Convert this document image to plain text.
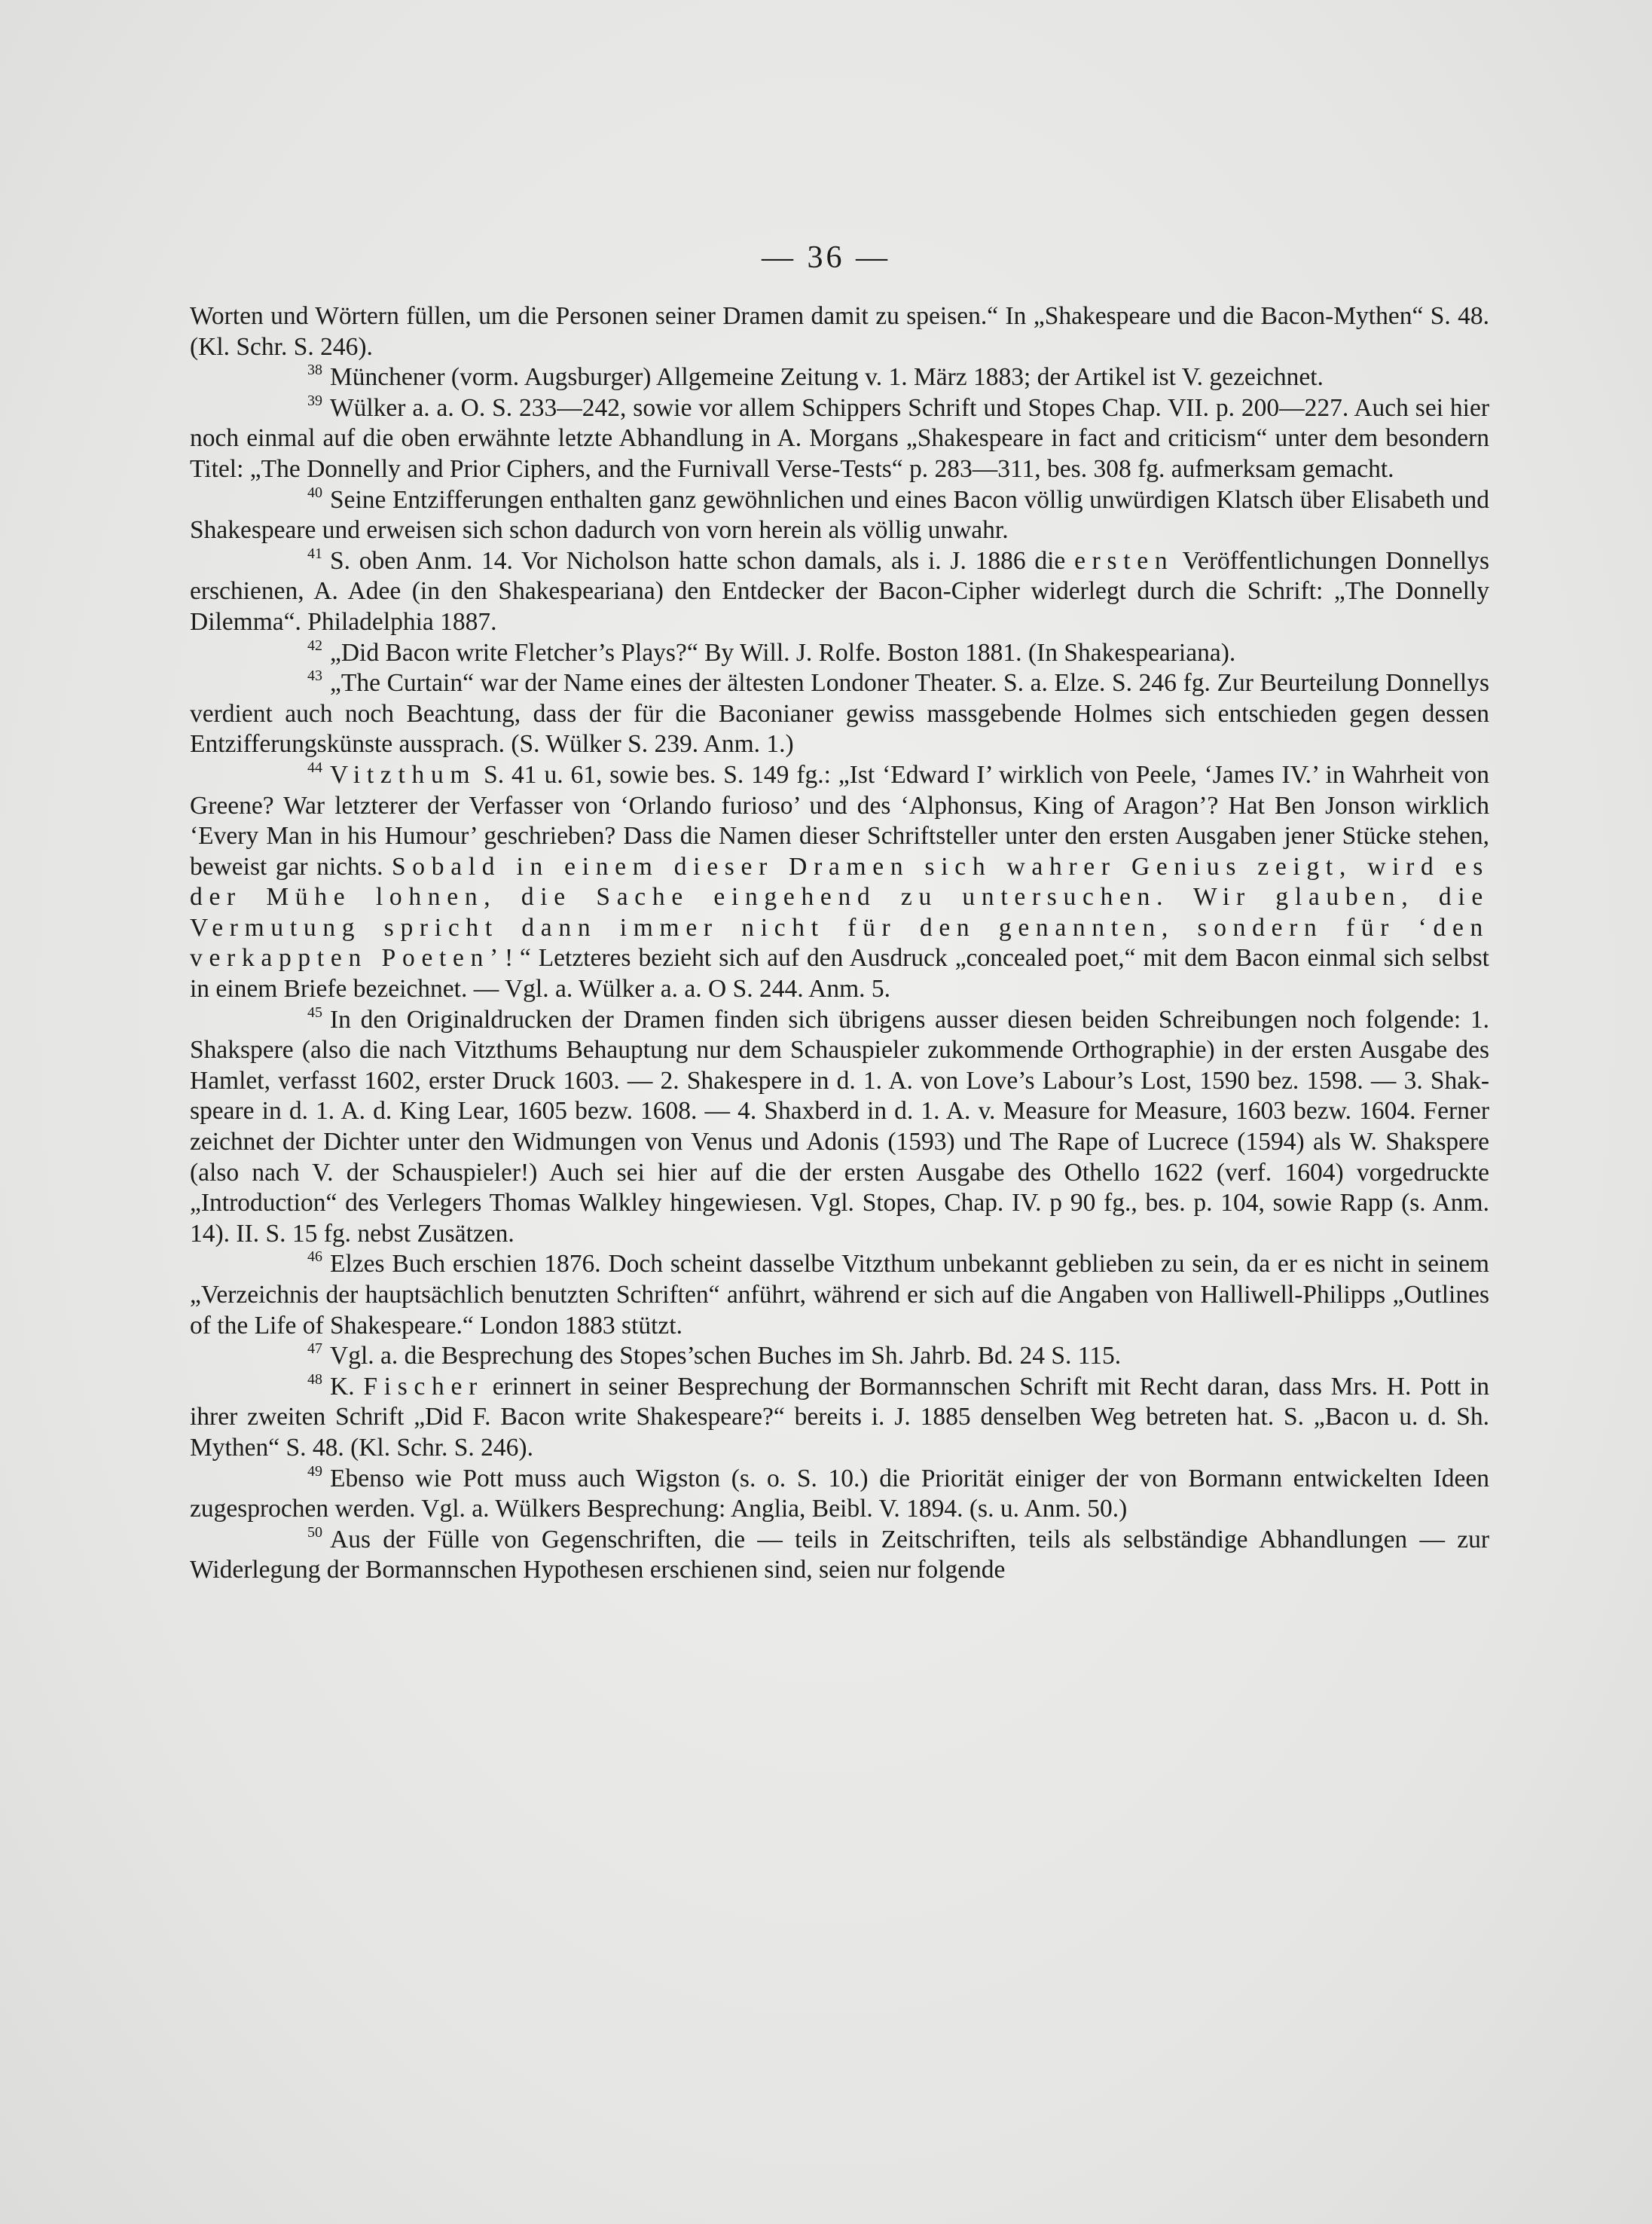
— 36 —

Worten und Wörtern füllen, um die Personen seiner Dramen damit zu speisen.“ In „Shakespeare und die Bacon-Mythen“ S. 48. (Kl. Schr. S. 246).

$^{38}$ Münchener (vorm. Augsburger) Allgemeine Zeitung v. 1. März 1883; der Artikel ist V. gezeichnet.

$^{39}$ Wülker a. a. O. S. 233—242, sowie vor allem Schippers Schrift und Stopes Chap. VII. p. 200—227. Auch sei hier noch einmal auf die oben erwähnte letzte Abhandlung in A. Morgans „Shakespeare in fact and criticism“ unter dem besondern Titel: „The Donnelly and Prior Ciphers, and the Furnivall Verse-Tests“ p. 283—311, bes. 308 fg. aufmerksam gemacht.

$^{40}$ Seine Entzifferungen enthalten ganz gewöhnlichen und eines Bacon völlig unwürdigen Klatsch über Elisabeth und Shakespeare und erweisen sich schon dadurch von vorn herein als völlig unwahr.

$^{41}$ S. oben Anm. 14. Vor Nicholson hatte schon damals, als i. J. 1886 die ersten Veröffentlichungen Donnellys erschienen, A. Adee (in den Shakespeariana) den Entdecker der Bacon-Cipher widerlegt durch die Schrift: „The Donnelly Dilemma“. Philadelphia 1887.

$^{42}$ „Did Bacon write Fletcher’s Plays?“ By Will. J. Rolfe. Boston 1881. (In Shakespeariana).

$^{43}$ „The Curtain“ war der Name eines der ältesten Londoner Theater. S. a. Elze. S. 246 fg. Zur Beurteilung Donnellys verdient auch noch Beachtung, dass der für die Baconianer gewiss massgebende Holmes sich entschieden gegen dessen Entzifferungskünste aussprach. (S. Wülker S. 239. Anm. 1.)

$^{44}$ Vitzthum S. 41 u. 61, sowie bes. S. 149 fg.: „Ist ‘Edward I’ wirklich von Peele, ‘James IV.’ in Wahrheit von Greene? War letzterer der Verfasser von ‘Orlando furioso’ und des ‘Alphonsus, King of Aragon’? Hat Ben Jonson wirklich ‘Every Man in his Humour’ geschrieben? Dass die Namen dieser Schriftsteller unter den ersten Ausgaben jener Stücke stehen, beweist gar nichts. Sobald in einem dieser Dramen sich wahrer Genius zeigt, wird es der Mühe lohnen, die Sache eingehend zu untersuchen. Wir glauben, die Vermutung spricht dann immer nicht für den genannten, sondern für ‘den verkappten Poeten’!“ Letzteres bezieht sich auf den Ausdruck „concealed poet,“ mit dem Bacon einmal sich selbst in einem Briefe bezeichnet. — Vgl. a. Wülker a. a. O S. 244. Anm. 5.

$^{45}$ In den Originaldrucken der Dramen finden sich übrigens ausser diesen beiden Schreibungen noch folgende: 1. Shakspere (also die nach Vitzthums Behauptung nur dem Schauspieler zukommende Orthographie) in der ersten Ausgabe des Hamlet, verfasst 1602, erster Druck 1603. — 2. Shakespere in d. 1. A. von Love’s Labour’s Lost, 1590 bez. 1598. — 3. Shak-speare in d. 1. A. d. King Lear, 1605 bezw. 1608. — 4. Shaxberd in d. 1. A. v. Measure for Measure, 1603 bezw. 1604. Ferner zeichnet der Dichter unter den Widmungen von Venus und Adonis (1593) und The Rape of Lucrece (1594) als W. Shakspere (also nach V. der Schauspieler!) Auch sei hier auf die der ersten Ausgabe des Othello 1622 (verf. 1604) vorgedruckte „Introduction“ des Verlegers Thomas Walkley hingewiesen. Vgl. Stopes, Chap. IV. p 90 fg., bes. p. 104, sowie Rapp (s. Anm. 14). II. S. 15 fg. nebst Zusätzen.

$^{46}$ Elzes Buch erschien 1876. Doch scheint dasselbe Vitzthum unbekannt geblieben zu sein, da er es nicht in seinem „Verzeichnis der hauptsächlich benutzten Schriften“ anführt, während er sich auf die Angaben von Halliwell-Philipps „Outlines of the Life of Shakespeare.“ London 1883 stützt.

$^{47}$ Vgl. a. die Besprechung des Stopes’schen Buches im Sh. Jahrb. Bd. 24 S. 115.

$^{48}$ K. Fischer erinnert in seiner Besprechung der Bormannschen Schrift mit Recht daran, dass Mrs. H. Pott in ihrer zweiten Schrift „Did F. Bacon write Shakespeare?“ bereits i. J. 1885 denselben Weg betreten hat. S. „Bacon u. d. Sh. Mythen“ S. 48. (Kl. Schr. S. 246).

$^{49}$ Ebenso wie Pott muss auch Wigston (s. o. S. 10.) die Priorität einiger der von Bormann entwickelten Ideen zugesprochen werden. Vgl. a. Wülkers Besprechung: Anglia, Beibl. V. 1894. (s. u. Anm. 50.)

$^{50}$ Aus der Fülle von Gegenschriften, die — teils in Zeitschriften, teils als selbständige Abhandlungen — zur Widerlegung der Bormannschen Hypothesen erschienen sind, seien nur folgende
